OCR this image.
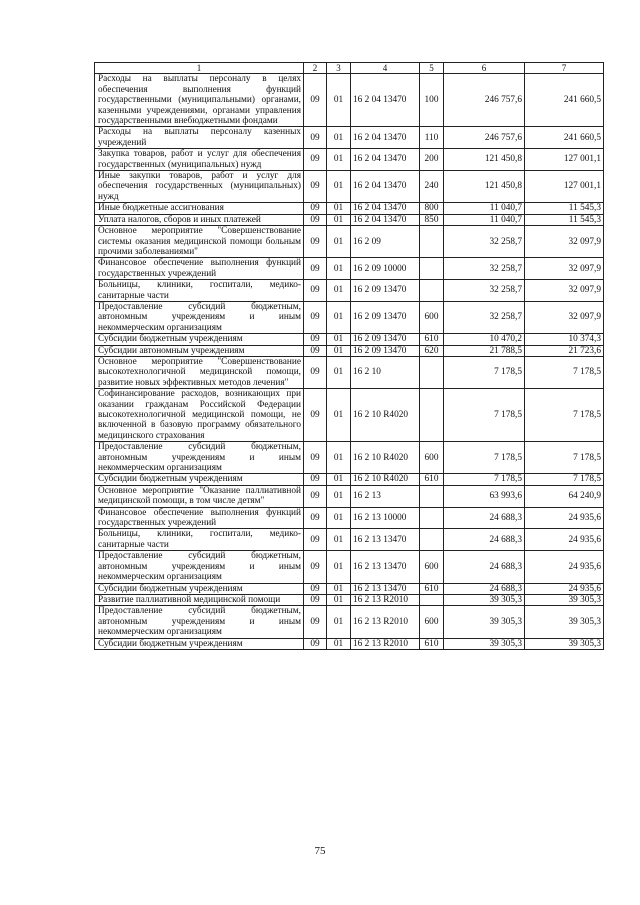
1	2	3	4	5	6	7
Расходы на выплаты персоналу в целях обеспечения выполнения функций государственными (муниципальными) органами, казенными учреждениями, органами управления государственными внебюджетными фондами	09	01	16 2 04 13470	100	246 757,6	241 660,5
Расходы на выплаты персоналу казенных учреждений	09	01	16 2 04 13470	110	246 757,6	241 660,5
Закупка товаров, работ и услуг для обеспечения государственных (муниципальных) нужд	09	01	16 2 04 13470	200	121 450,8	127 001,1
Иные закупки товаров, работ и услуг для обеспечения государственных (муниципальных) нужд	09	01	16 2 04 13470	240	121 450,8	127 001,1
Иные бюджетные ассигнования	09	01	16 2 04 13470	800	11 040,7	11 545,3
Уплата налогов, сборов и иных платежей	09	01	16 2 04 13470	850	11 040,7	11 545,3
Основное мероприятие "Совершенствование системы оказания медицинской помощи больным прочими заболеваниями"	09	01	16 2 09		32 258,7	32 097,9
Финансовое обеспечение выполнения функций государственных учреждений	09	01	16 2 09 10000		32 258,7	32 097,9
Больницы, клиники, госпитали, медико-санитарные части	09	01	16 2 09 13470		32 258,7	32 097,9
Предоставление субсидий бюджетным, автономным учреждениям и иным некоммерческим организациям	09	01	16 2 09 13470	600	32 258,7	32 097,9
Субсидии бюджетным учреждениям	09	01	16 2 09 13470	610	10 470,2	10 374,3
Субсидии автономным учреждениям	09	01	16 2 09 13470	620	21 788,5	21 723,6
Основное мероприятие "Совершенствование высокотехнологичной медицинской помощи, развитие новых эффективных методов лечения"	09	01	16 2 10		7 178,5	7 178,5
Софинансирование расходов, возникающих при оказании гражданам Российской Федерации высокотехнологичной медицинской помощи, не включенной в базовую программу обязательного медицинского страхования	09	01	16 2 10 R4020		7 178,5	7 178,5
Предоставление субсидий бюджетным, автономным учреждениям и иным некоммерческим организациям	09	01	16 2 10 R4020	600	7 178,5	7 178,5
Субсидии бюджетным учреждениям	09	01	16 2 10 R4020	610	7 178,5	7 178,5
Основное мероприятие "Оказание паллиативной медицинской помощи, в том числе детям"	09	01	16 2 13		63 993,6	64 240,9
Финансовое обеспечение выполнения функций государственных учреждений	09	01	16 2 13 10000		24 688,3	24 935,6
Больницы, клиники, госпитали, медико-санитарные части	09	01	16 2 13 13470		24 688,3	24 935,6
Предоставление субсидий бюджетным, автономным учреждениям и иным некоммерческим организациям	09	01	16 2 13 13470	600	24 688,3	24 935,6
Субсидии бюджетным учреждениям	09	01	16 2 13 13470	610	24 688,3	24 935,6
Развитие паллиативной медицинской помощи	09	01	16 2 13 R2010		39 305,3	39 305,3
Предоставление субсидий бюджетным, автономным учреждениям и иным некоммерческим организациям	09	01	16 2 13 R2010	600	39 305,3	39 305,3
Субсидии бюджетным учреждениям	09	01	16 2 13 R2010	610	39 305,3	39 305,3
75
